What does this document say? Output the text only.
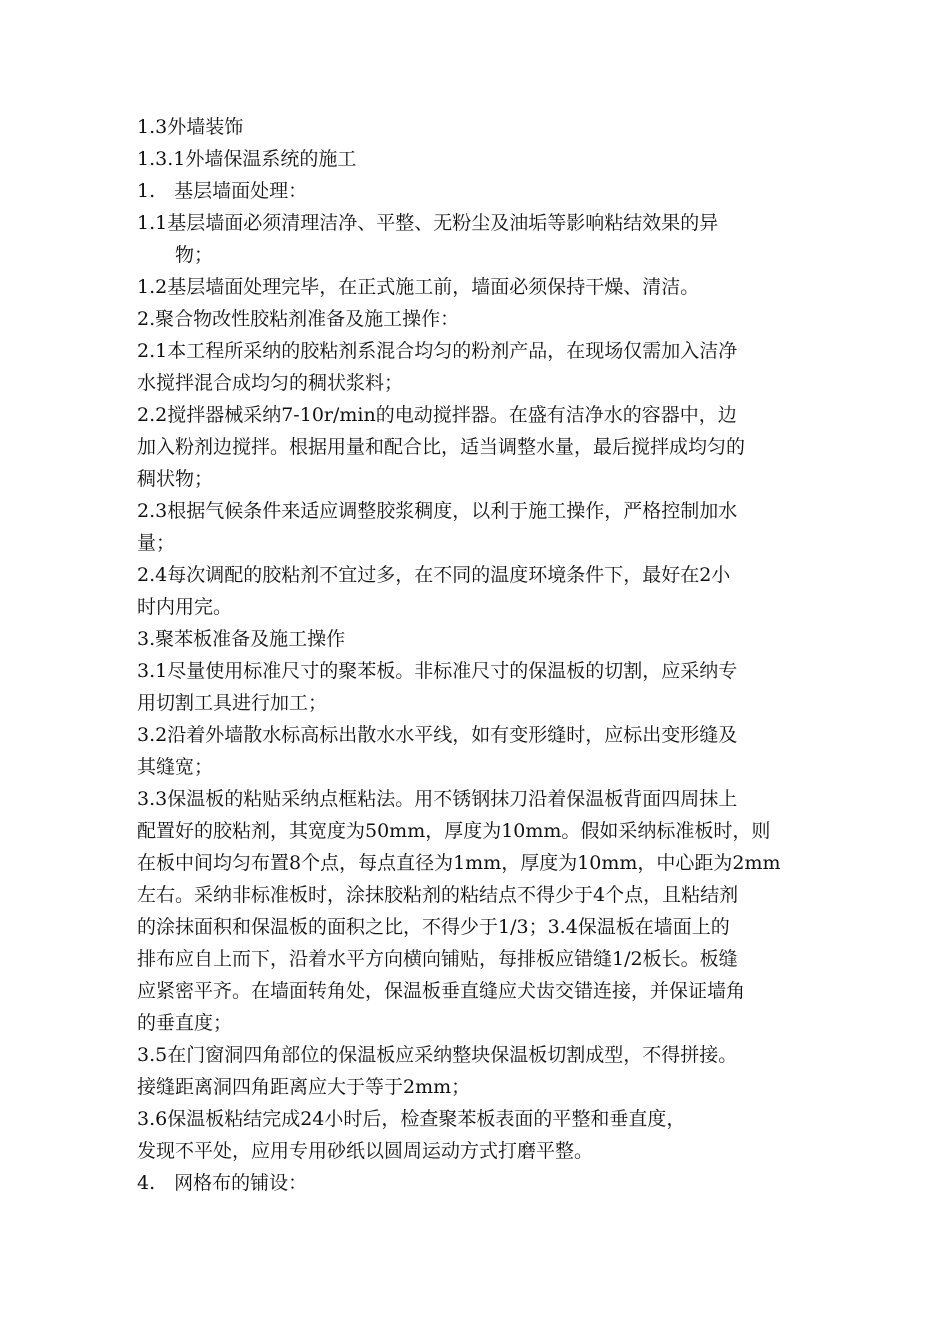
1.3外墙装饰
1.3.1外墙保温系统的施工
1.　基层墙面处理：
1.1基层墙面必须清理洁净、平整、无粉尘及油垢等影响粘结效果的异
物；
1.2基层墙面处理完毕，在正式施工前，墙面必须保持干燥、清洁。
2.聚合物改性胶粘剂准备及施工操作：
2.1本工程所采纳的胶粘剂系混合均匀的粉剂产品，在现场仅需加入洁净
水搅拌混合成均匀的稠状浆料；
2.2搅拌器械采纳7-10r/min的电动搅拌器。在盛有洁净水的容器中，边
加入粉剂边搅拌。根据用量和配合比，适当调整水量，最后搅拌成均匀的
稠状物；
2.3根据气候条件来适应调整胶浆稠度，以利于施工操作，严格控制加水
量；
2.4每次调配的胶粘剂不宜过多，在不同的温度环境条件下，最好在2小
时内用完。
3.聚苯板准备及施工操作
3.1尽量使用标准尺寸的聚苯板。非标准尺寸的保温板的切割，应采纳专
用切割工具进行加工；
3.2沿着外墙散水标高标出散水水平线，如有变形缝时，应标出变形缝及
其缝宽；
3.3保温板的粘贴采纳点框粘法。用不锈钢抹刀沿着保温板背面四周抹上
配置好的胶粘剂，其宽度为50mm，厚度为10mm。假如采纳标准板时，则
在板中间均匀布置8个点，每点直径为1mm，厚度为10mm，中心距为2mm
左右。采纳非标准板时，涂抹胶粘剂的粘结点不得少于4个点，且粘结剂
的涂抹面积和保温板的面积之比，不得少于1/3；3.4保温板在墙面上的
排布应自上而下，沿着水平方向横向铺贴，每排板应错缝1/2板长。板缝
应紧密平齐。在墙面转角处，保温板垂直缝应犬齿交错连接，并保证墙角
的垂直度；
3.5在门窗洞四角部位的保温板应采纳整块保温板切割成型，不得拼接。
接缝距离洞四角距离应大于等于2mm；
3.6保温板粘结完成24小时后，检查聚苯板表面的平整和垂直度，
发现不平处，应用专用砂纸以圆周运动方式打磨平整。
4.　网格布的铺设：
